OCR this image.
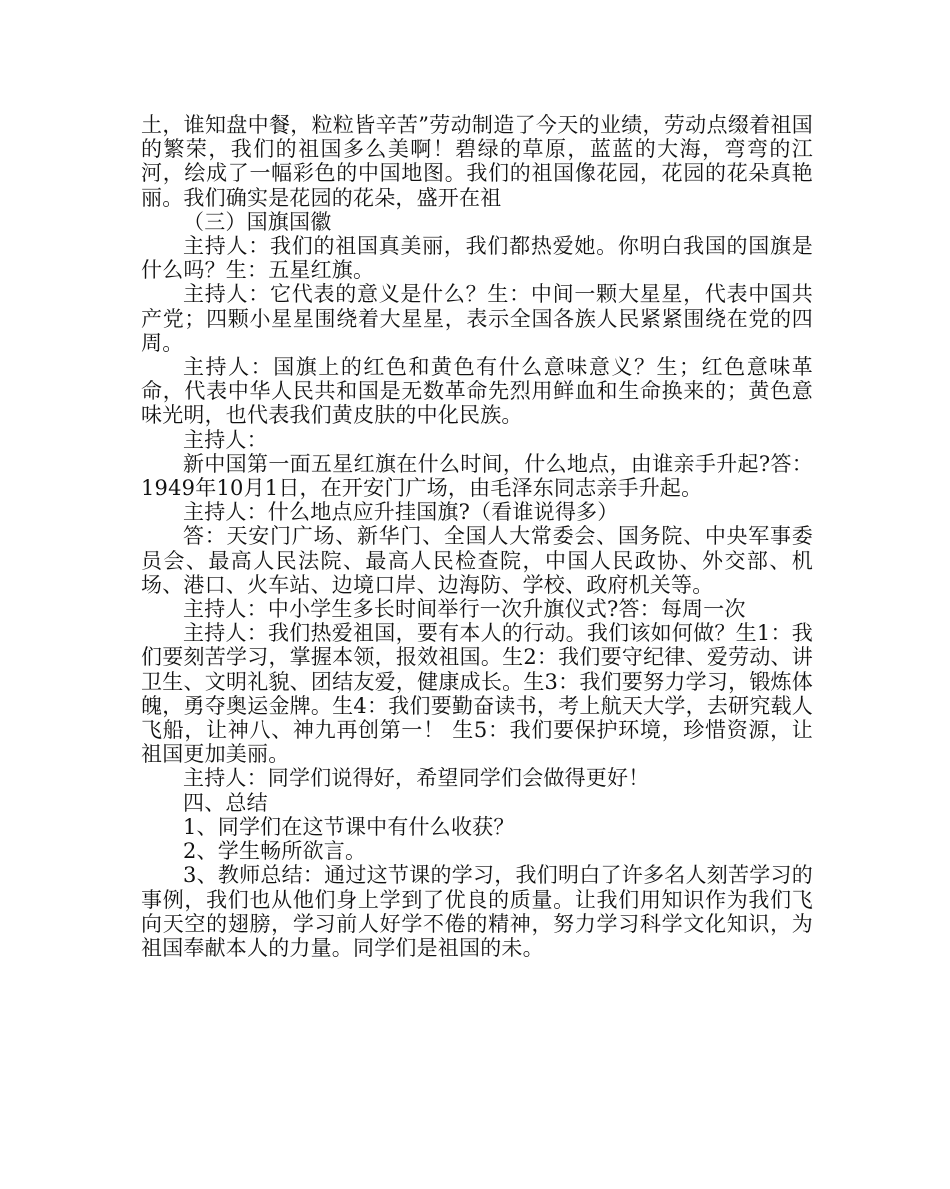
土，谁知盘中餐，粒粒皆辛苦”劳动制造了今天的业绩，劳动点缀着祖国的繁荣，我们的祖国多么美啊！碧绿的草原，蓝蓝的大海，弯弯的江河，绘成了一幅彩色的中国地图。我们的祖国像花园，花园的花朵真艳丽。我们确实是花园的花朵，盛开在祖

（三）国旗国徽

主持人：我们的祖国真美丽，我们都热爱她。你明白我国的国旗是什么吗？生：五星红旗。

主持人：它代表的意义是什么？生：中间一颗大星星，代表中国共产党；四颗小星星围绕着大星星，表示全国各族人民紧紧围绕在党的四周。

主持人：国旗上的红色和黄色有什么意味意义？生；红色意味革命，代表中华人民共和国是无数革命先烈用鲜血和生命换来的；黄色意味光明，也代表我们黄皮肤的中化民族。

主持人：

新中国第一面五星红旗在什么时间，什么地点，由谁亲手升起?答：1949年10月1日，在开安门广场，由毛泽东同志亲手升起。

主持人：什么地点应升挂国旗?（看谁说得多）

答：天安门广场、新华门、全国人大常委会、国务院、中央军事委员会、最高人民法院、最高人民检查院，中国人民政协、外交部、机场、港口、火车站、边境口岸、边海防、学校、政府机关等。

主持人：中小学生多长时间举行一次升旗仪式?答：每周一次

主持人：我们热爱祖国，要有本人的行动。我们该如何做？生1：我们要刻苦学习，掌握本领，报效祖国。生2：我们要守纪律、爱劳动、讲卫生、文明礼貌、团结友爱，健康成长。生3：我们要努力学习，锻炼体魄，勇夺奥运金牌。生4：我们要勤奋读书，考上航天大学，去研究载人飞船，让神八、神九再创第一！ 生5：我们要保护环境，珍惜资源，让祖国更加美丽。

主持人：同学们说得好，希望同学们会做得更好！

四、总结

1、同学们在这节课中有什么收获？

2、学生畅所欲言。

3、教师总结：通过这节课的学习，我们明白了许多名人刻苦学习的事例，我们也从他们身上学到了优良的质量。让我们用知识作为我们飞向天空的翅膀，学习前人好学不倦的精神，努力学习科学文化知识，为祖国奉献本人的力量。同学们是祖国的未。
